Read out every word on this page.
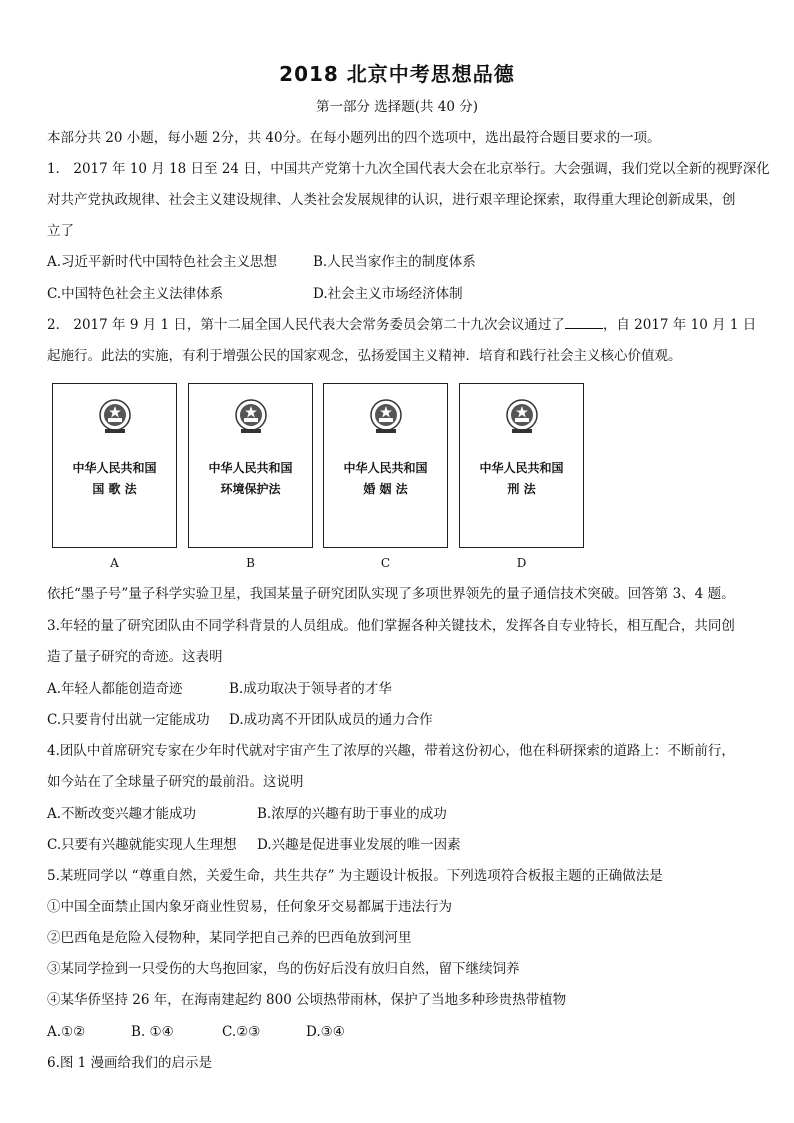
2018 北京中考思想品德
第一部分 选择题(共 40 分)
本部分共 20 小题，每小题 2分，共 40分。在每小题列出的四个选项中，选出最符合题目要求的一项。
1． 2017 年 10 月 18 日至 24 日，中国共产党第十九次全国代表大会在北京举行。大会强调，我们党以全新的视野深化
对共产党执政规律、社会主义建设规律、人类社会发展规律的认识，进行艰辛理论探索，取得重大理论创新成果，创
立了
A.习近平新时代中国特色社会主义思想	B.人民当家作主的制度体系
C.中国特色社会主义法律体系	D.社会主义市场经济体制
2． 2017 年 9 月 1 日，第十二届全国人民代表大会常务委员会第二十九次会议通过了	，自 2017 年 10 月 1 日
起施行。此法的实施，有利于增强公民的国家观念，弘扬爱国主义精神．培育和践行社会主义核心价值观。
中华人民共和国
国 歌 法
中华人民共和国
环境保护法
中华人民共和国
婚 姻 法
中华人民共和国
刑 法
A	B	C	D
依托“墨子号”量子科学实验卫星，我国某量子研究团队实现了多项世界领先的量子通信技术突破。回答第 3、4 题。
3.年轻的量了研究团队由不同学科背景的人员组成。他们掌握各种关键技术，发挥各自专业特长，相互配合，共同创
造了量子研究的奇迹。这表明
A.年轻人都能创造奇迹	B.成功取决于领导者的才华
C.只要肯付出就一定能成功 D.成功离不开团队成员的通力合作
4.团队中首席研究专家在少年时代就对宇宙产生了浓厚的兴趣，带着这份初心，他在科研探索的道路上：不断前行，
如今站在了全球量子研究的最前沿。这说明
A.不断改变兴趣才能成功	B.浓厚的兴趣有助于事业的成功
C.只要有兴趣就能实现人生理想 D.兴趣是促进事业发展的唯一因素
5.某班同学以 “尊重自然，关爱生命，共生共存” 为主题设计板报。下列选项符合板报主题的正确做法是
①中国全面禁止国内象牙商业性贸易，任何象牙交易都属于违法行为
②巴西龟是危险入侵物种，某同学把自己养的巴西龟放到河里
③某同学捡到一只受伤的大鸟抱回家，鸟的伤好后没有放归自然，留下继续饲养
④某华侨坚持 26 年，在海南建起约 800 公顷热带雨林，保护了当地多种珍贵热带植物
A.①②	B. ①④	C.②③	D.③④
6.图 1 漫画给我们的启示是
